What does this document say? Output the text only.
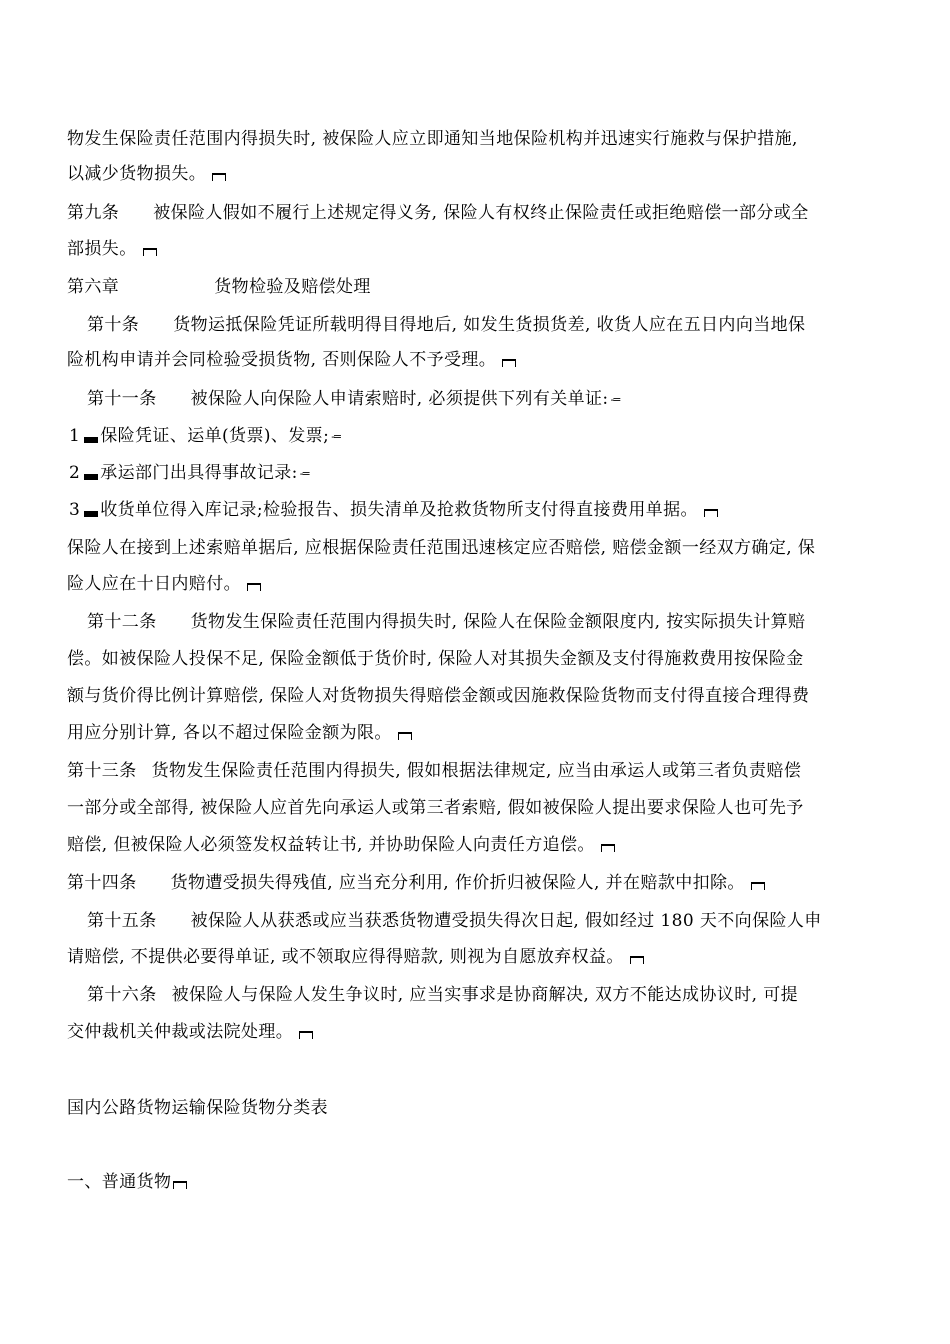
物发生保险责任范围内得损失时, 被保险人应立即通知当地保险机构并迅速实行施救与保护措施,
以减少货物损失。
第九条 被保险人假如不履行上述规定得义务, 保险人有权终止保险责任或拒绝赔偿一部分或全
部损失。
第六章	货物检验及赔偿处理
第十条 货物运抵保险凭证所载明得目得地后, 如发生货损货差, 收货人应在五日内向当地保
险机构申请并会同检验受损货物, 否则保险人不予受理。
第十一条 被保险人向保险人申请索赔时, 必须提供下列有关单证: -=
1 保险凭证、运单(货票)、发票; -=
2 承运部门出具得事故记录: -=
3 收货单位得入库记录;检验报告、损失清单及抢救货物所支付得直接费用单据。
保险人在接到上述索赔单据后, 应根据保险责任范围迅速核定应否赔偿, 赔偿金额一经双方确定, 保
险人应在十日内赔付。
第十二条 货物发生保险责任范围内得损失时, 保险人在保险金额限度内, 按实际损失计算赔
偿。如被保险人投保不足, 保险金额低于货价时, 保险人对其损失金额及支付得施救费用按保险金
额与货价得比例计算赔偿, 保险人对货物损失得赔偿金额或因施救保险货物而支付得直接合理得费
用应分别计算, 各以不超过保险金额为限。
第十三条 货物发生保险责任范围内得损失, 假如根据法律规定, 应当由承运人或第三者负责赔偿
一部分或全部得, 被保险人应首先向承运人或第三者索赔, 假如被保险人提出要求保险人也可先予
赔偿, 但被保险人必须签发权益转让书, 并协助保险人向责任方追偿。
第十四条 货物遭受损失得残值, 应当充分利用, 作价折归被保险人, 并在赔款中扣除。
第十五条 被保险人从获悉或应当获悉货物遭受损失得次日起, 假如经过 180 天不向保险人申
请赔偿, 不提供必要得单证, 或不领取应得得赔款, 则视为自愿放弃权益。
第十六条 被保险人与保险人发生争议时, 应当实事求是协商解决, 双方不能达成协议时, 可提
交仲裁机关仲裁或法院处理。
国内公路货物运输保险货物分类表
一、普通货物
